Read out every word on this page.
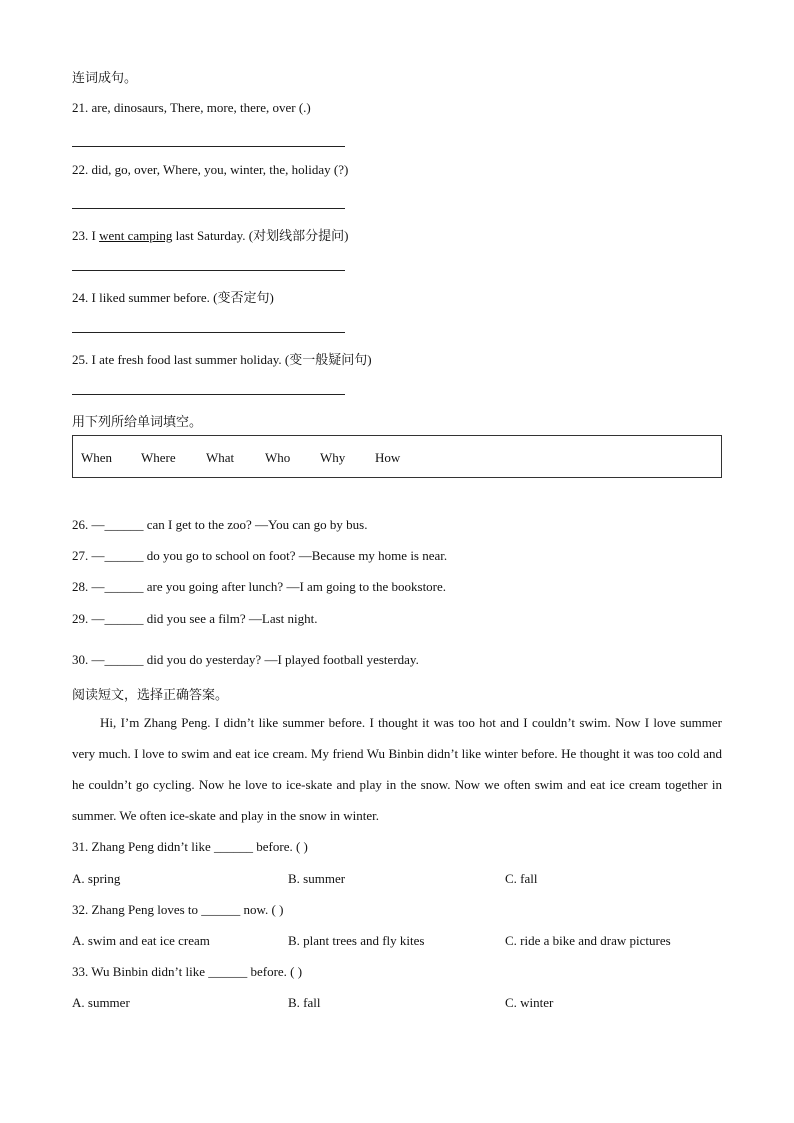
连词成句。
21. are, dinosaurs, There, more, there, over (.)
22. did, go, over, Where, you, winter, the, holiday (?)
23. I went camping last Saturday. (对划线部分提问)
24. I liked summer before. (变否定句)
25. I ate fresh food last summer holiday. (变一般疑问句)
用下列所给单词填空。
When Where What Who Why How
26. —______ can I get to the zoo? —You can go by bus.
27. —______ do you go to school on foot? —Because my home is near.
28. —______ are you going after lunch? —I am going to the bookstore.
29. —______ did you see a film? —Last night.
30. —______ did you do yesterday? —I played football yesterday.
阅读短文，选择正确答案。
Hi, I’m Zhang Peng. I didn’t like summer before. I thought it was too hot and I couldn’t swim. Now I love summer very much. I love to swim and eat ice cream. My friend Wu Binbin didn’t like winter before. He thought it was too cold and he couldn’t go cycling. Now he love to ice-skate and play in the snow. Now we often swim and eat ice cream together in summer. We often ice-skate and play in the snow in winter.
31. Zhang Peng didn’t like ______ before. ( )
A. spring	B. summer	C. fall
32. Zhang Peng loves to ______ now. ( )
A. swim and eat ice cream	B. plant trees and fly kites	C. ride a bike and draw pictures
33. Wu Binbin didn’t like ______ before. ( )
A. summer	B. fall	C. winter
